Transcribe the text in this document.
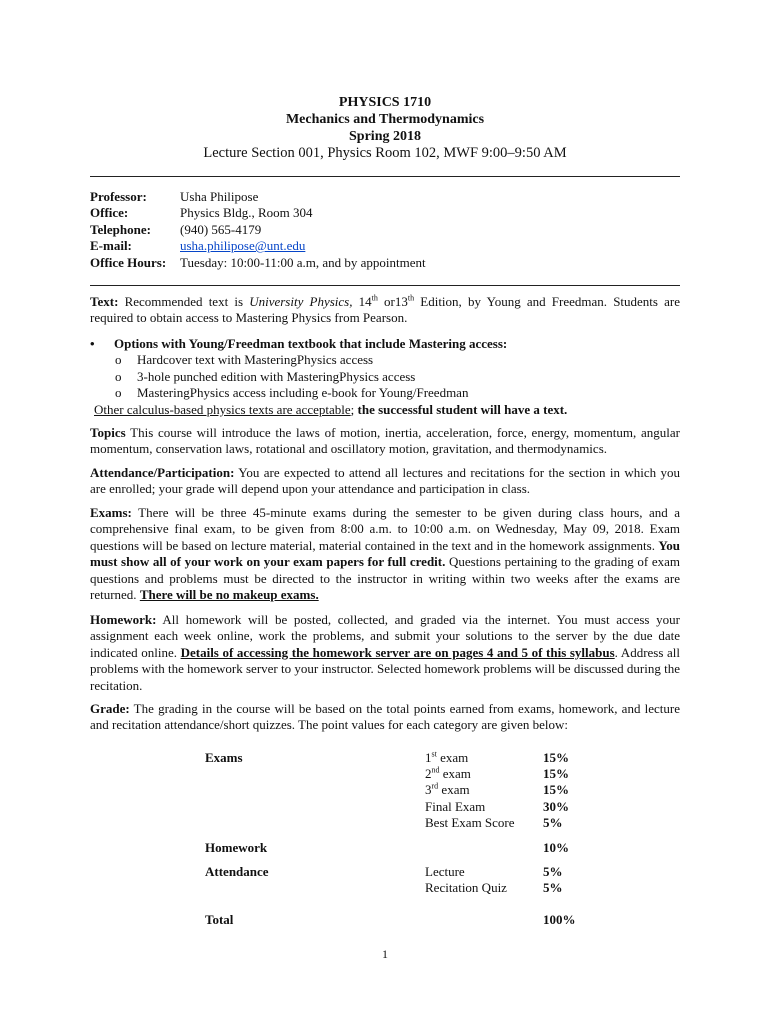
PHYSICS 1710
Mechanics and Thermodynamics
Spring 2018
Lecture Section 001, Physics Room 102, MWF 9:00–9:50 AM
Professor:	Usha Philipose
Office:	Physics Bldg., Room 304
Telephone:	(940) 565-4179
E-mail:	usha.philipose@unt.edu
Office Hours:	Tuesday: 10:00-11:00 a.m, and by appointment

Text: Recommended text is University Physics, 14th or13th Edition, by Young and Freedman. Students are required to obtain access to Mastering Physics from Pearson.

• Options with Young/Freedman textbook that include Mastering access:
o Hardcover text with MasteringPhysics access
o 3-hole punched edition with MasteringPhysics access
o MasteringPhysics access including e-book for Young/Freedman
Other calculus-based physics texts are acceptable; the successful student will have a text.

Topics This course will introduce the laws of motion, inertia, acceleration, force, energy, momentum, angular momentum, conservation laws, rotational and oscillatory motion, gravitation, and thermodynamics.

Attendance/Participation: You are expected to attend all lectures and recitations for the section in which you are enrolled; your grade will depend upon your attendance and participation in class.

Exams: There will be three 45-minute exams during the semester to be given during class hours, and a comprehensive final exam, to be given from 8:00 a.m. to 10:00 a.m. on Wednesday, May 09, 2018. Exam questions will be based on lecture material, material contained in the text and in the homework assignments. You must show all of your work on your exam papers for full credit. Questions pertaining to the grading of exam questions and problems must be directed to the instructor in writing within two weeks after the exams are returned. There will be no makeup exams.

Homework: All homework will be posted, collected, and graded via the internet. You must access your assignment each week online, work the problems, and submit your solutions to the server by the due date indicated online. Details of accessing the homework server are on pages 4 and 5 of this syllabus. Address all problems with the homework server to your instructor. Selected homework problems will be discussed during the recitation.

Grade: The grading in the course will be based on the total points earned from exams, homework, and lecture and recitation attendance/short quizzes. The point values for each category are given below:

Exams	1st exam	15%
2nd exam	15%
3rd exam	15%
Final Exam	30%
Best Exam Score 5%
Homework	10%
Attendance	Lecture	5%
Recitation Quiz	5%
Total	100%
1
